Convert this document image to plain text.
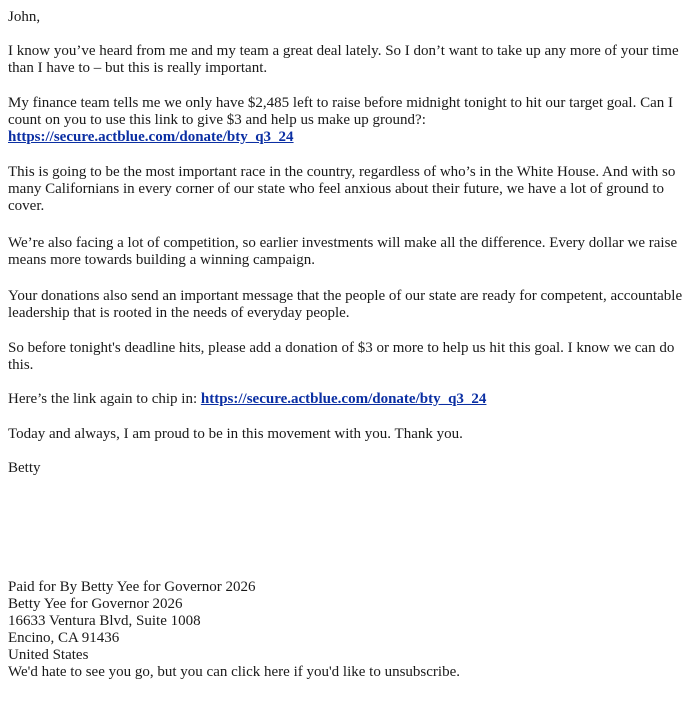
John,

I know you’ve heard from me and my team a great deal lately. So I don’t want to take up any more of your time than I have to – but this is really important.

My finance team tells me we only have $2,485 left to raise before midnight tonight to hit our target goal. Can I count on you to use this link to give $3 and help us make up ground?:
https://secure.actblue.com/donate/bty_q3_24

This is going to be the most important race in the country, regardless of who’s in the White House. And with so many Californians in every corner of our state who feel anxious about their future, we have a lot of ground to cover.

We’re also facing a lot of competition, so earlier investments will make all the difference. Every dollar we raise means more towards building a winning campaign.

Your donations also send an important message that the people of our state are ready for competent, accountable leadership that is rooted in the needs of everyday people.

So before tonight's deadline hits, please add a donation of $3 or more to help us hit this goal. I know we can do this.

Here’s the link again to chip in: https://secure.actblue.com/donate/bty_q3_24

Today and always, I am proud to be in this movement with you. Thank you.

Betty

Paid for By Betty Yee for Governor 2026
Betty Yee for Governor 2026
16633 Ventura Blvd, Suite 1008
Encino, CA 91436
United States
We'd hate to see you go, but you can click here if you'd like to unsubscribe.
